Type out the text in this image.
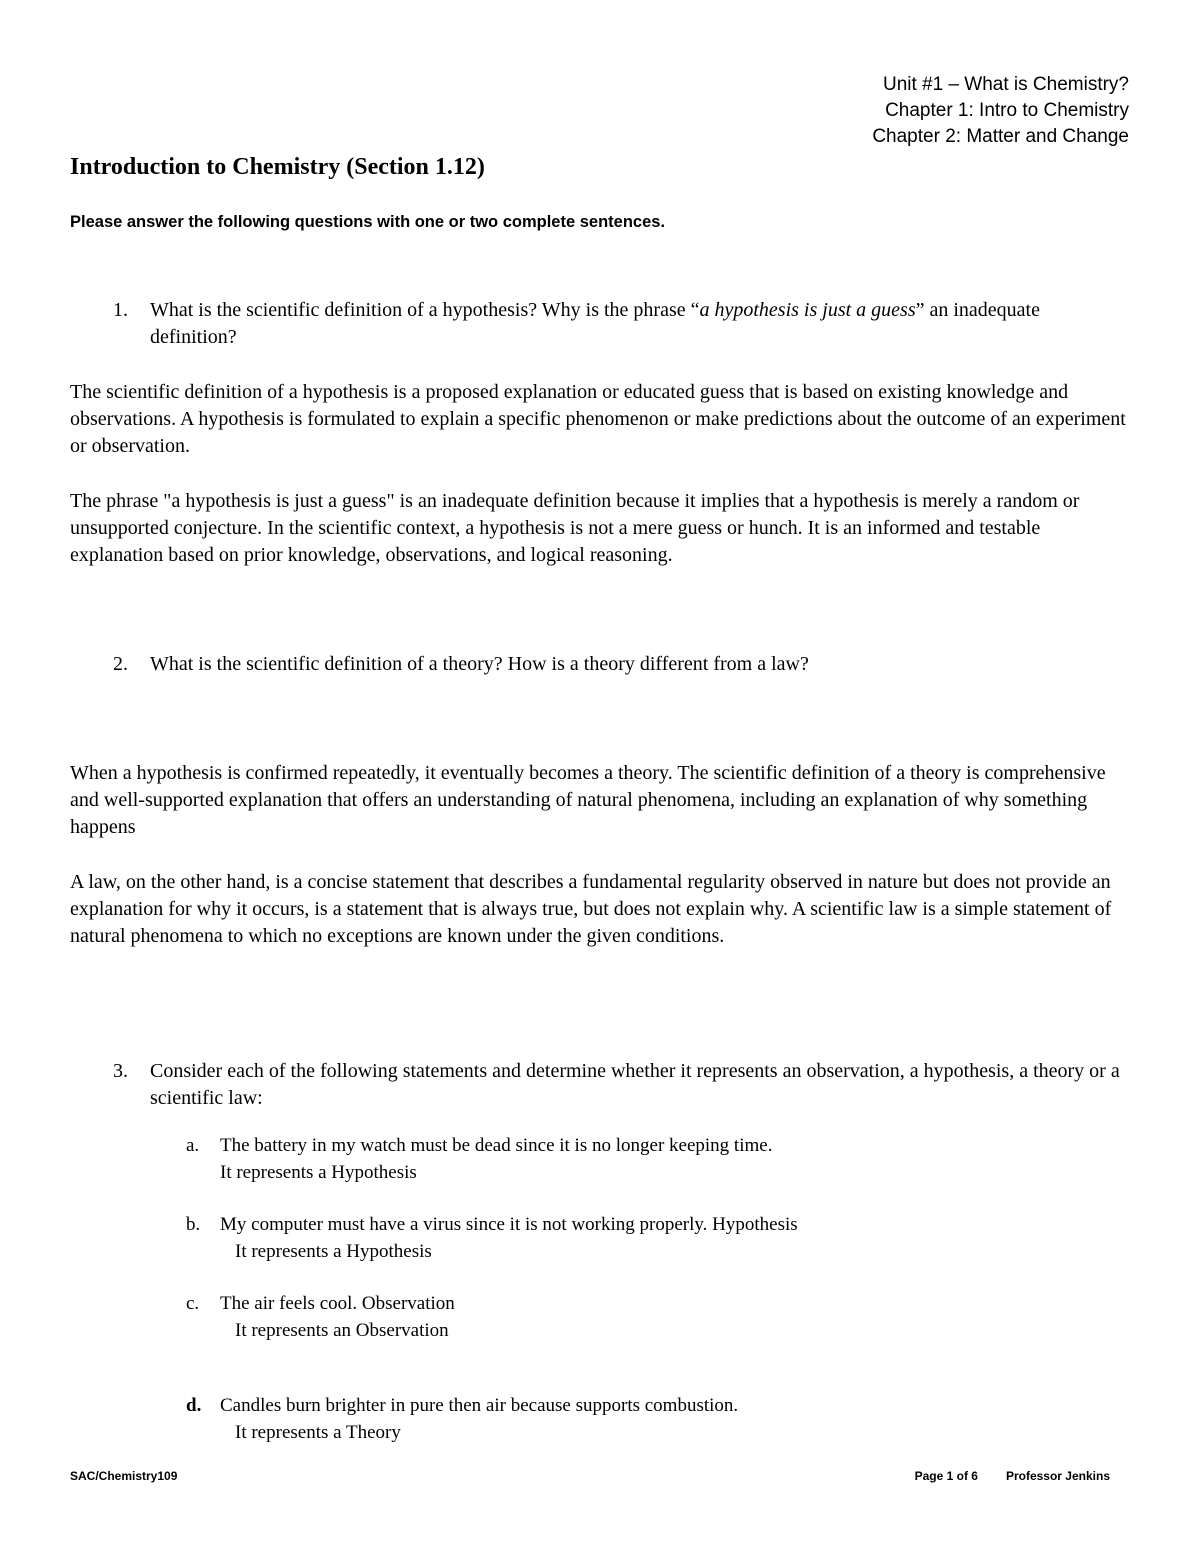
Unit #1 – What is Chemistry?
Chapter 1: Intro to Chemistry
Chapter 2: Matter and Change
Introduction to Chemistry (Section 1.12)
Please answer the following questions with one or two complete sentences.
1. What is the scientific definition of a hypothesis? Why is the phrase “a hypothesis is just a guess” an inadequate definition?
The scientific definition of a hypothesis is a proposed explanation or educated guess that is based on existing knowledge and observations. A hypothesis is formulated to explain a specific phenomenon or make predictions about the outcome of an experiment or observation.
The phrase "a hypothesis is just a guess" is an inadequate definition because it implies that a hypothesis is merely a random or unsupported conjecture. In the scientific context, a hypothesis is not a mere guess or hunch. It is an informed and testable explanation based on prior knowledge, observations, and logical reasoning.
2. What is the scientific definition of a theory? How is a theory different from a law?
When a hypothesis is confirmed repeatedly, it eventually becomes a theory. The scientific definition of a theory is comprehensive and well-supported explanation that offers an understanding of natural phenomena, including an explanation of why something happens
A law, on the other hand, is a concise statement that describes a fundamental regularity observed in nature but does not provide an explanation for why it occurs, is a statement that is always true, but does not explain why. A scientific law is a simple statement of natural phenomena to which no exceptions are known under the given conditions.
3. Consider each of the following statements and determine whether it represents an observation, a hypothesis, a theory or a scientific law:
a. The battery in my watch must be dead since it is no longer keeping time.
It represents a Hypothesis
b. My computer must have a virus since it is not working properly. Hypothesis
It represents a Hypothesis
c. The air feels cool. Observation
It represents an Observation
d. Candles burn brighter in pure then air because supports combustion.
It represents a Theory
SAC/Chemistry109	Page 1 of 6 Professor Jenkins
